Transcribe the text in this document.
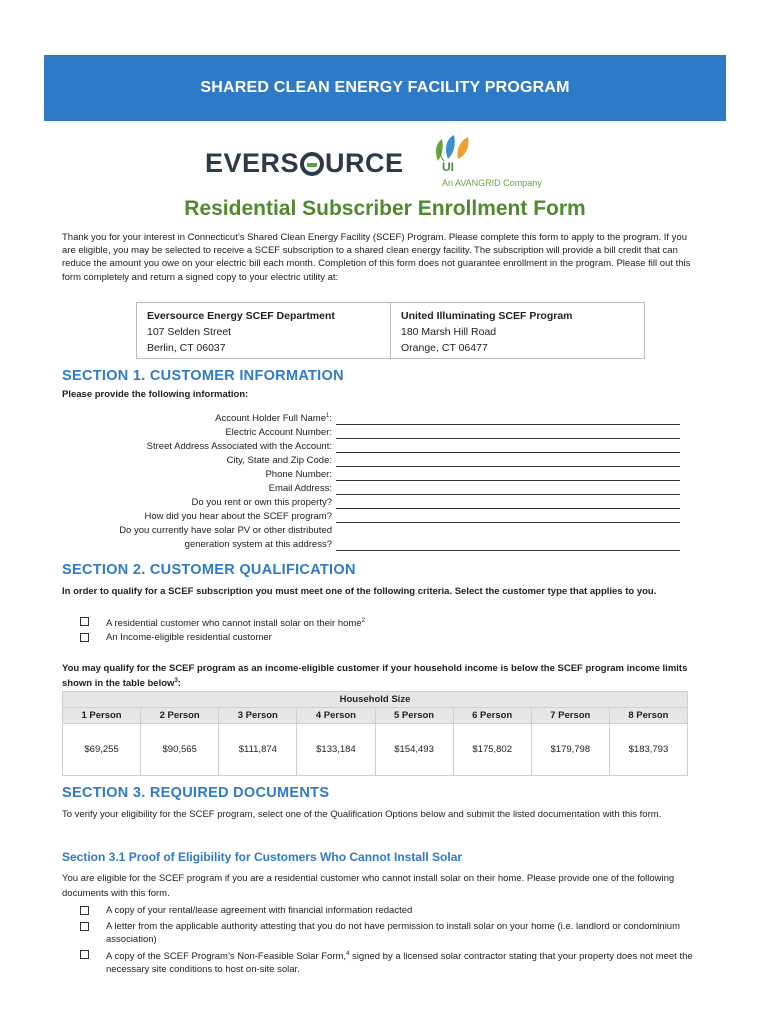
SHARED CLEAN ENERGY FACILITY PROGRAM
EVERS URCE	UI
An AVANGRID Company
Residential Subscriber Enrollment Form
Thank you for your interest in Connecticut’s Shared Clean Energy Facility (SCEF) Program. Please complete this form to apply to the program. If you are eligible, you may be selected to receive a SCEF subscription to a shared clean energy facility. The subscription will provide a bill credit that can reduce the amount you owe on your electric bill each month. Completion of this form does not guarantee enrollment in the program. Please fill out this form completely and return a signed copy to your electric utility at:
Eversource Energy SCEF Department
107 Selden Street
Berlin, CT 06037
United Illuminating SCEF Program
180 Marsh Hill Road
Orange, CT 06477
SECTION 1. CUSTOMER INFORMATION
Please provide the following information:
Account Holder Full Name$^1$:
Electric Account Number:
Street Address Associated with the Account:
City, State and Zip Code:
Phone Number:
Email Address:
Do you rent or own this property?
How did you hear about the SCEF program?
Do you currently have solar PV or other distributed
generation system at this address?
SECTION 2. CUSTOMER QUALIFICATION
In order to qualify for a SCEF subscription you must meet one of the following criteria. Select the customer type that applies to you.
A residential customer who cannot install solar on their home$^2$
An Income-eligible residential customer
You may qualify for the SCEF program as an income-eligible customer if your household income is below the SCEF program income limits shown in the table below$^3$:
Household Size							
1 Person	2 Person	3 Person	4 Person	5 Person	6 Person	7 Person	8 Person
$69,255	$90,565	$111,874	$133,184	$154,493	$175,802	$179,798	$183,793
SECTION 3. REQUIRED DOCUMENTS
To verify your eligibility for the SCEF program, select one of the Qualification Options below and submit the listed documentation with this form.
Section 3.1 Proof of Eligibility for Customers Who Cannot Install Solar
You are eligible for the SCEF program if you are a residential customer who cannot install solar on their home. Please provide one of the following documents with this form.
A copy of your rental/lease agreement with financial information redacted
A letter from the applicable authority attesting that you do not have permission to install solar on your home (i.e. landlord or condominium association)
A copy of the SCEF Program’s Non-Feasible Solar Form,$^4$ signed by a licensed solar contractor stating that your property does not meet the necessary site conditions to host on-site solar.
